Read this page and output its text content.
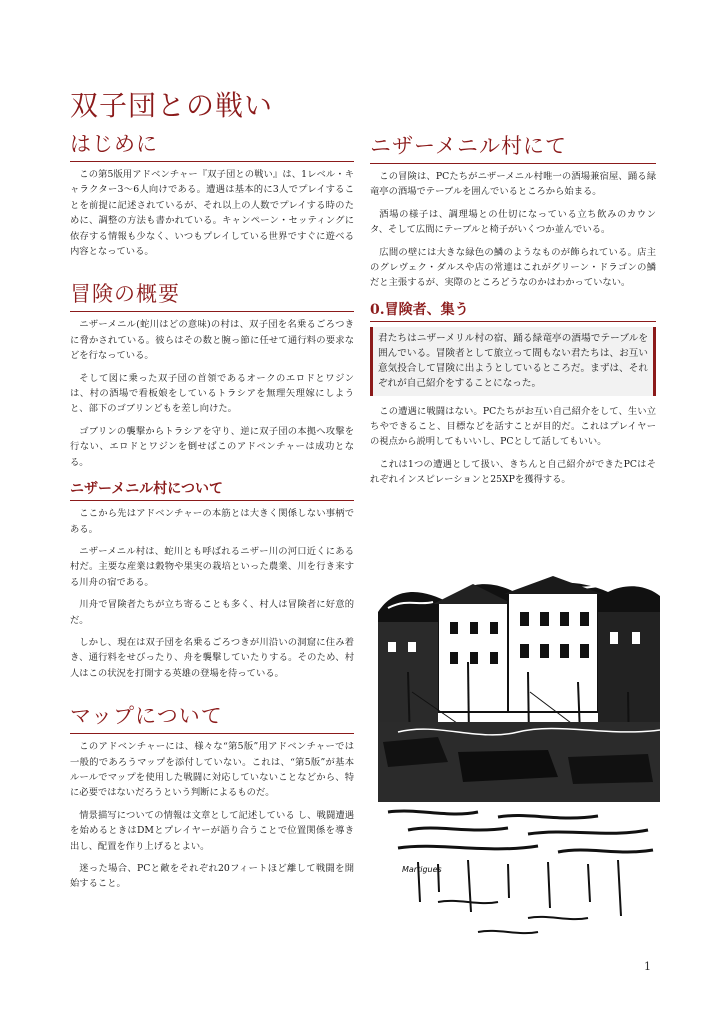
双子団との戦い
はじめに

この第5版用アドベンチャー『双子団との戦い』は、1レベル・キャラクター3～6人向けである。遭遇は基本的に3人でプレイすることを前提に記述されているが、それ以上の人数でプレイする時のために、調整の方法も書かれている。キャンペーン・セッティングに依存する情報も少なく、いつもプレイしている世界ですぐに遊べる内容となっている。

冒険の概要

ニザーメニル(蛇川はどの意味)の村は、双子団を名乗るごろつきに脅かされている。彼らはその数と腕っ節に任せて通行料の要求などを行なっている。

そして図に乗った双子団の首領であるオークのエロドとワジンは、村の酒場で看板娘をしているトラシアを無理矢理嫁にしようと、部下のゴブリンどもを差し向けた。

ゴブリンの襲撃からトラシアを守り、逆に双子団の本拠へ攻撃を行ない、エロドとワジンを倒せばこのアドベンチャーは成功となる。

ニザーメニル村について

ここから先はアドベンチャーの本筋とは大きく関係しない事柄である。

ニザーメニル村は、蛇川とも呼ばれるニザー川の河口近くにある村だ。主要な産業は穀物や果実の栽培といった農業、川を行き来する川舟の宿である。

川舟で冒険者たちが立ち寄ることも多く、村人は冒険者に好意的だ。

しかし、現在は双子団を名乗るごろつきが川沿いの洞窟に住み着き、通行料をせびったり、舟を襲撃していたりする。そのため、村人はこの状況を打開する英雄の登場を待っている。

マップについて

このアドベンチャーには、様々な“第5版”用アドベンチャーでは一般的であろうマップを添付していない。これは、“第5版”が基本ルールでマップを使用した戦闘に対応していないことなどから、特に必要ではないだろうという判断によるものだ。

情景描写についての情報は文章として記述している し、戦闘遭遇を始めるときはDMとプレイヤーが語り合うことで位置関係を導き出し、配置を作り上げるとよい。

迷った場合、PCと敵をそれぞれ20フィートほど離して戦闘を開始すること。

ニザーメニル村にて

この冒険は、PCたちがニザーメニル村唯一の酒場兼宿屋、踊る緑竜亭の酒場でテーブルを囲んでいるところから始まる。

酒場の様子は、調理場との仕切になっている立ち飲みのカウンタ、そして広間にテーブルと椅子がいくつか並んでいる。

広間の壁には大きな緑色の鱗のようなものが飾られている。店主のグレヴェク・ダルスや店の常連はこれがグリーン・ドラゴンの鱗だと主張するが、実際のところどうなのかはわかっていない。

0.冒険者、集う

君たちはニザーメリル村の宿、踊る緑竜亭の酒場でテーブルを囲んでいる。冒険者として旅立って間もない君たちは、お互い意気投合して冒険に出ようとしているところだ。まずは、それぞれが自己紹介をすることになった。

この遭遇に戦闘はない。PCたちがお互い自己紹介をして、生い立ちやできること、目標などを話すことが目的だ。これはプレイヤーの視点から説明してもいいし、PCとして話してもいい。

これは1つの遭遇として扱い、きちんと自己紹介ができたPCはそれぞれインスピレーションと25XPを獲得する。

Martigues
1
